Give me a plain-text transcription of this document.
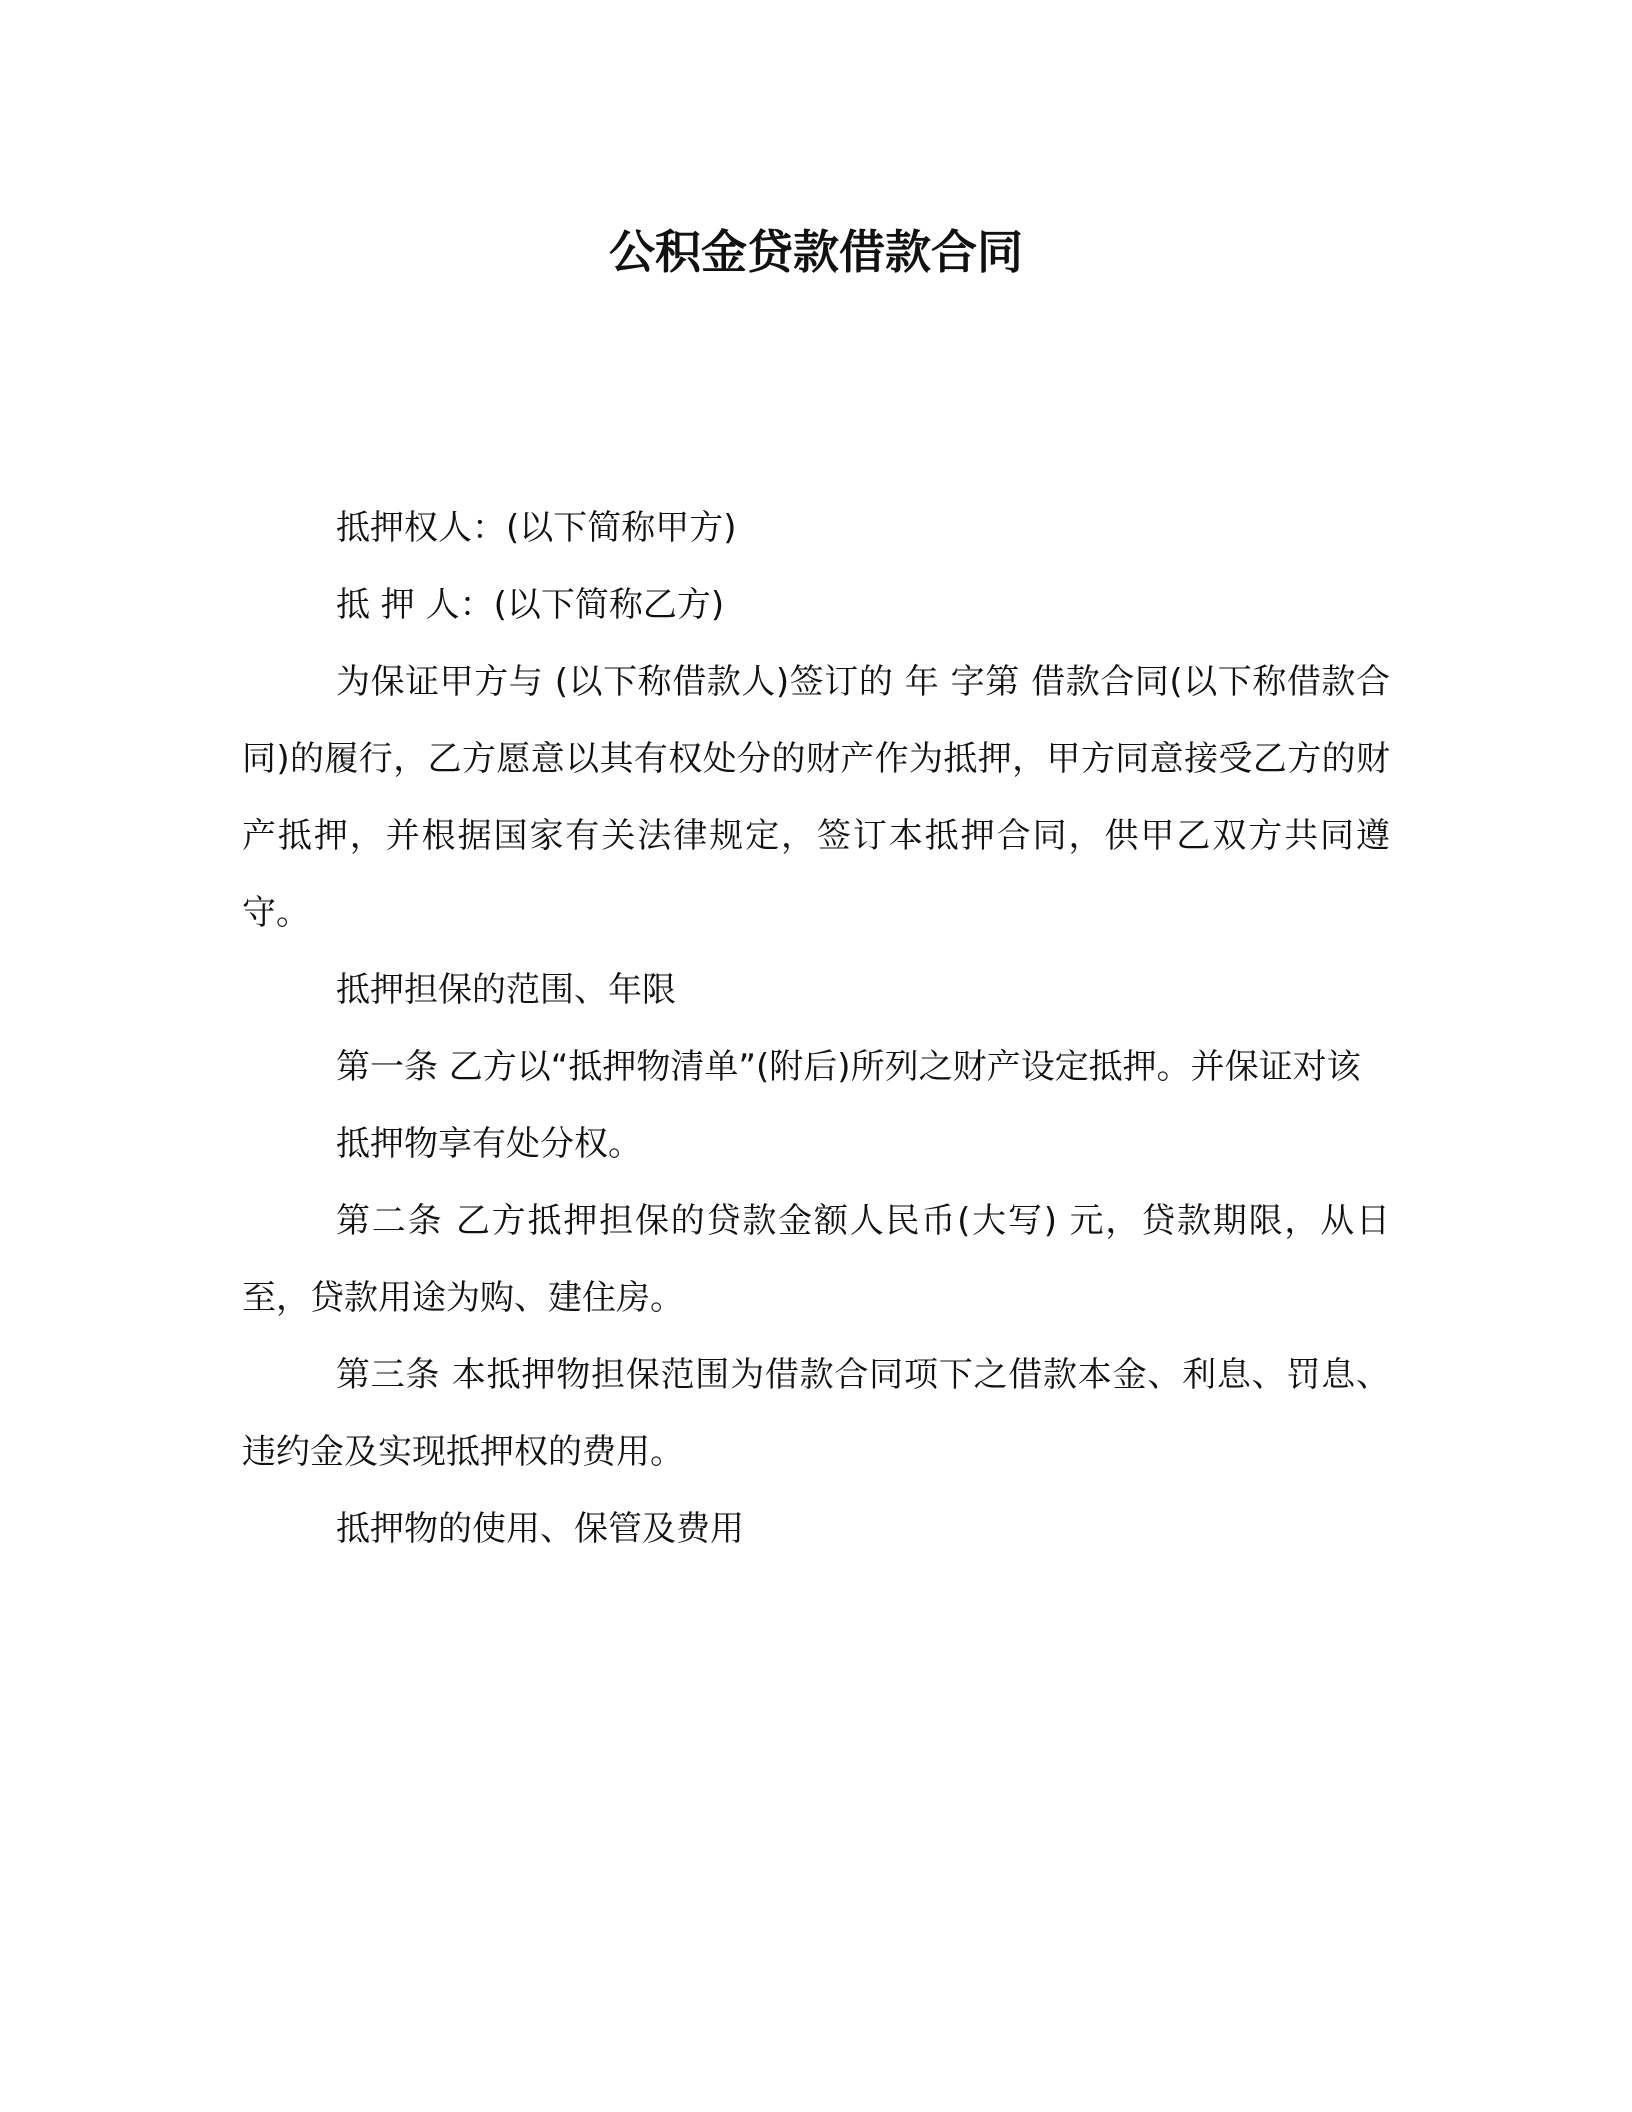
公积金贷款借款合同

抵押权人：(以下简称甲方)

抵 押 人：(以下简称乙方)

为保证甲方与 (以下称借款人)签订的 年 字第 借款合同(以下称借款合同)的履行，乙方愿意以其有权处分的财产作为抵押，甲方同意接受乙方的财产抵押，并根据国家有关法律规定，签订本抵押合同，供甲乙双方共同遵守。

抵押担保的范围、年限

第一条 乙方以“抵押物清单”(附后)所列之财产设定抵押。并保证对该

抵押物享有处分权。

第二条 乙方抵押担保的贷款金额人民币(大写) 元，贷款期限，从日至，贷款用途为购、建住房。

第三条 本抵押物担保范围为借款合同项下之借款本金、利息、罚息、违约金及实现抵押权的费用。

抵押物的使用、保管及费用
